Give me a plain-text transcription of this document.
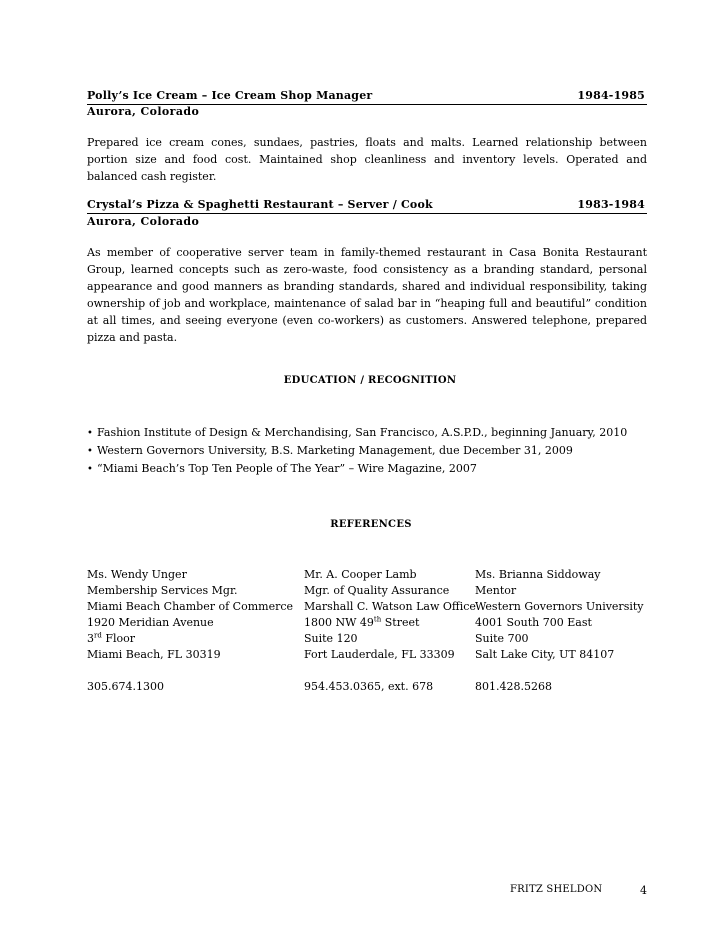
Polly’s Ice Cream – Ice Cream Shop Manager	1984-1985
Aurora, Colorado

Prepared ice cream cones, sundaes, pastries, floats and malts. Learned relationship between portion size and food cost. Maintained shop cleanliness and inventory levels. Operated and balanced cash register.

Crystal’s Pizza & Spaghetti Restaurant – Server / Cook	1983-1984
Aurora, Colorado

As member of cooperative server team in family-themed restaurant in Casa Bonita Restaurant Group, learned concepts such as zero-waste, food consistency as a branding standard, personal appearance and good manners as branding standards, shared and individual responsibility, taking ownership of job and workplace, maintenance of salad bar in “heaping full and beautiful” condition at all times, and seeing everyone (even co-workers) as customers. Answered telephone, prepared pizza and pasta.

EDUCATION / RECOGNITION
• Fashion Institute of Design & Merchandising, San Francisco, A.S.P.D., beginning January, 2010
• Western Governors University, B.S. Marketing Management, due December 31, 2009
• “Miami Beach’s Top Ten People of The Year” – Wire Magazine, 2007
REFERENCES
Ms. Wendy Unger
Membership Services Mgr.
Miami Beach Chamber of Commerce
1920 Meridian Avenue
3rd Floor
Miami Beach, FL 30319
305.674.1300
Mr. A. Cooper Lamb
Mgr. of Quality Assurance
Marshall C. Watson Law Office
1800 NW 49th Street
Suite 120
Fort Lauderdale, FL 33309
954.453.0365, ext. 678
Ms. Brianna Siddoway
Mentor
Western Governors University
4001 South 700 East
Suite 700
Salt Lake City, UT 84107
801.428.5268
FRITZ SHELDON	4
